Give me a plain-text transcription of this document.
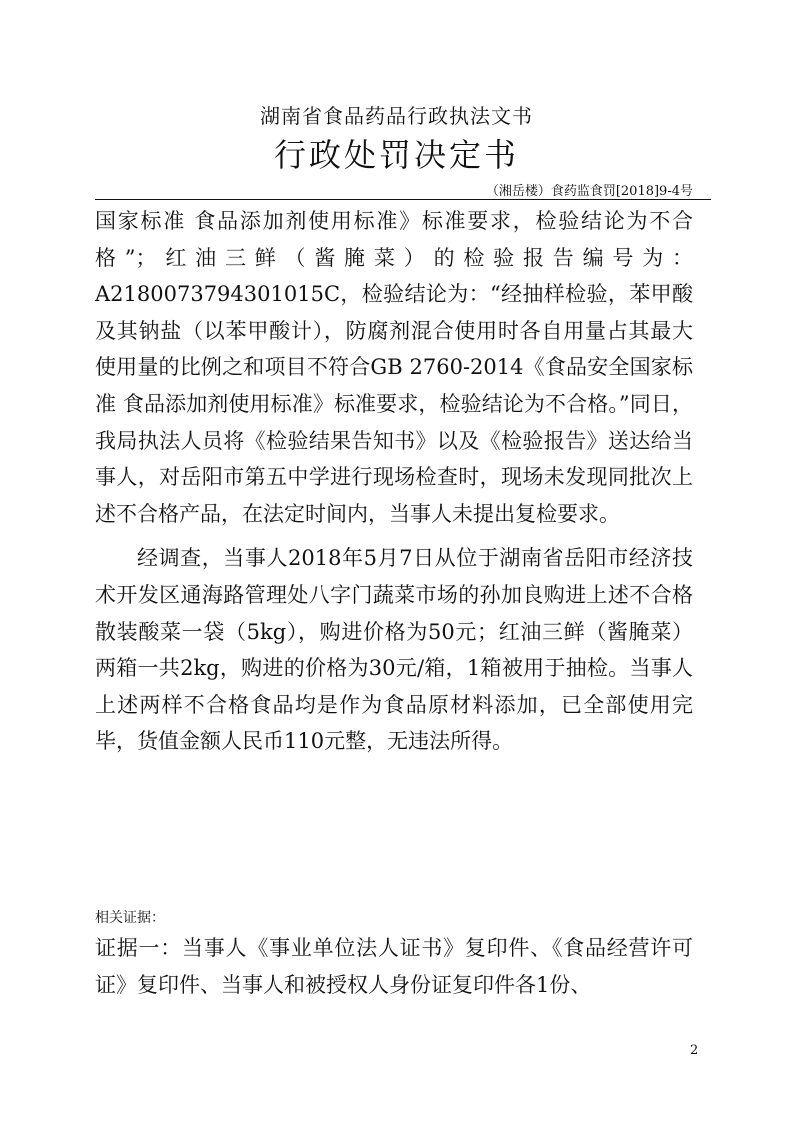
湖南省食品药品行政执法文书
行政处罚决定书
（湘岳楼）食药监食罚[2018]9-4号

国家标准 食品添加剂使用标准》标准要求，检验结论为不合格”；红油三鲜（酱腌菜）的检验报告编号为：A2180073794301015C，检验结论为：“经抽样检验，苯甲酸及其钠盐（以苯甲酸计），防腐剂混合使用时各自用量占其最大使用量的比例之和项目不符合GB 2760-2014《食品安全国家标准 食品添加剂使用标准》标准要求，检验结论为不合格。”同日，我局执法人员将《检验结果告知书》以及《检验报告》送达给当事人，对岳阳市第五中学进行现场检查时，现场未发现同批次上述不合格产品，在法定时间内，当事人未提出复检要求。

经调查，当事人2018年5月7日从位于湖南省岳阳市经济技术开发区通海路管理处八字门蔬菜市场的孙加良购进上述不合格散装酸菜一袋（5kg），购进价格为50元；红油三鲜（酱腌菜）两箱一共2kg，购进的价格为30元/箱，1箱被用于抽检。当事人上述两样不合格食品均是作为食品原材料添加，已全部使用完毕，货值金额人民币110元整，无违法所得。

相关证据：

证据一：当事人《事业单位法人证书》复印件、《食品经营许可证》复印件、当事人和被授权人身份证复印件各1份、

2
